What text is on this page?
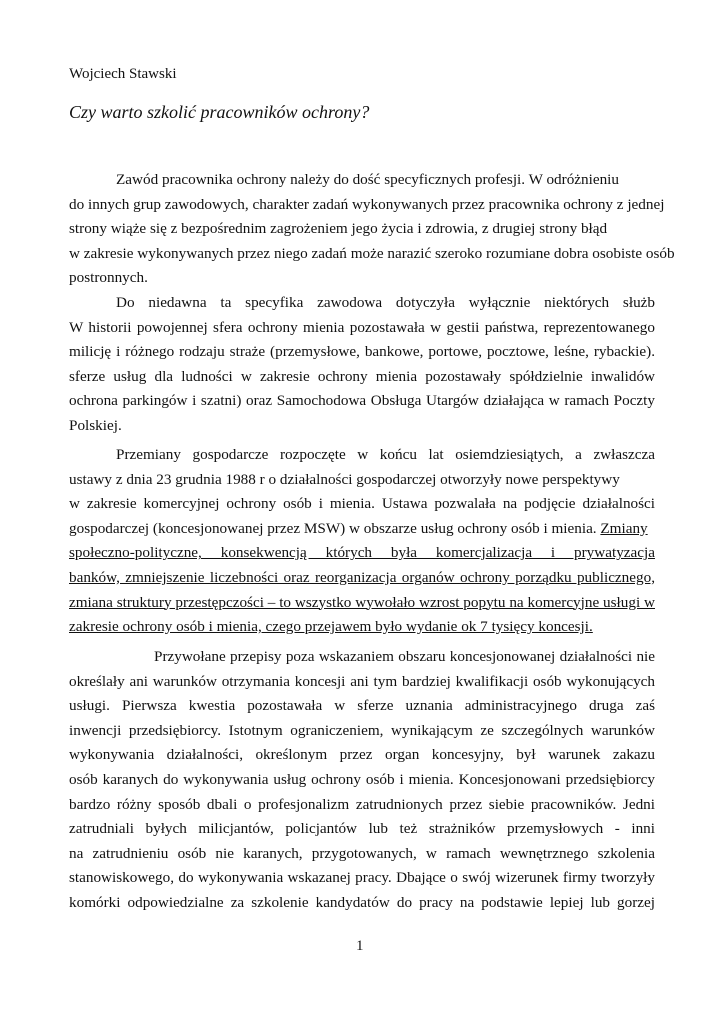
Wojciech Stawski
Czy warto szkolić pracowników ochrony?
Zawód pracownika ochrony należy do dość specyficznych profesji. W odróżnieniu
do innych grup zawodowych, charakter zadań wykonywanych przez pracownika ochrony z jednej
strony wiąże się z bezpośrednim zagrożeniem jego życia i zdrowia, z drugiej strony błąd
w zakresie wykonywanych przez niego zadań może narazić szeroko rozumiane dobra osobiste osób
postronnych.
Do niedawna ta specyfika zawodowa dotyczyła wyłącznie niektórych służb
W historii powojennej sfera ochrony mienia pozostawała w gestii państwa, reprezentowanego
milicję i różnego rodzaju straże (przemysłowe, bankowe, portowe, pocztowe, leśne, rybackie).
sferze usług dla ludności w zakresie ochrony mienia pozostawały spółdzielnie inwalidów
ochrona parkingów i szatni) oraz Samochodowa Obsługa Utargów działająca w ramach Poczty
Polskiej.
Przemiany gospodarcze rozpoczęte w końcu lat osiemdziesiątych, a zwłaszcza
ustawy z dnia 23 grudnia 1988 r o działalności gospodarczej otworzyły nowe perspektywy
w zakresie komercyjnej ochrony osób i mienia. Ustawa pozwalała na podjęcie działalności
gospodarczej (koncesjonowanej przez MSW) w obszarze usług ochrony osób i mienia. Zmiany
społeczno-polityczne, konsekwencją których była komercjalizacja i prywatyzacja
banków, zmniejszenie liczebności oraz reorganizacja organów ochrony porządku publicznego,
zmiana struktury przestępczości – to wszystko wywołało wzrost popytu na komercyjne usługi w
zakresie ochrony osób i mienia, czego przejawem było wydanie ok 7 tysięcy koncesji.
Przywołane przepisy poza wskazaniem obszaru koncesjonowanej działalności nie
określały ani warunków otrzymania koncesji ani tym bardziej kwalifikacji osób wykonujących
usługi. Pierwsza kwestia pozostawała w sferze uznania administracyjnego druga zaś
inwencji przedsiębiorcy. Istotnym ograniczeniem, wynikającym ze szczególnych warunków
wykonywania działalności, określonym przez organ koncesyjny, był warunek zakazu
osób karanych do wykonywania usług ochrony osób i mienia. Koncesjonowani przedsiębiorcy
bardzo różny sposób dbali o profesjonalizm zatrudnionych przez siebie pracowników. Jedni
zatrudniali byłych milicjantów, policjantów lub też strażników przemysłowych - inni
na zatrudnieniu osób nie karanych, przygotowanych, w ramach wewnętrznego szkolenia
stanowiskowego, do wykonywania wskazanej pracy. Dbające o swój wizerunek firmy tworzyły
komórki odpowiedzialne za szkolenie kandydatów do pracy na podstawie lepiej lub gorzej
1
